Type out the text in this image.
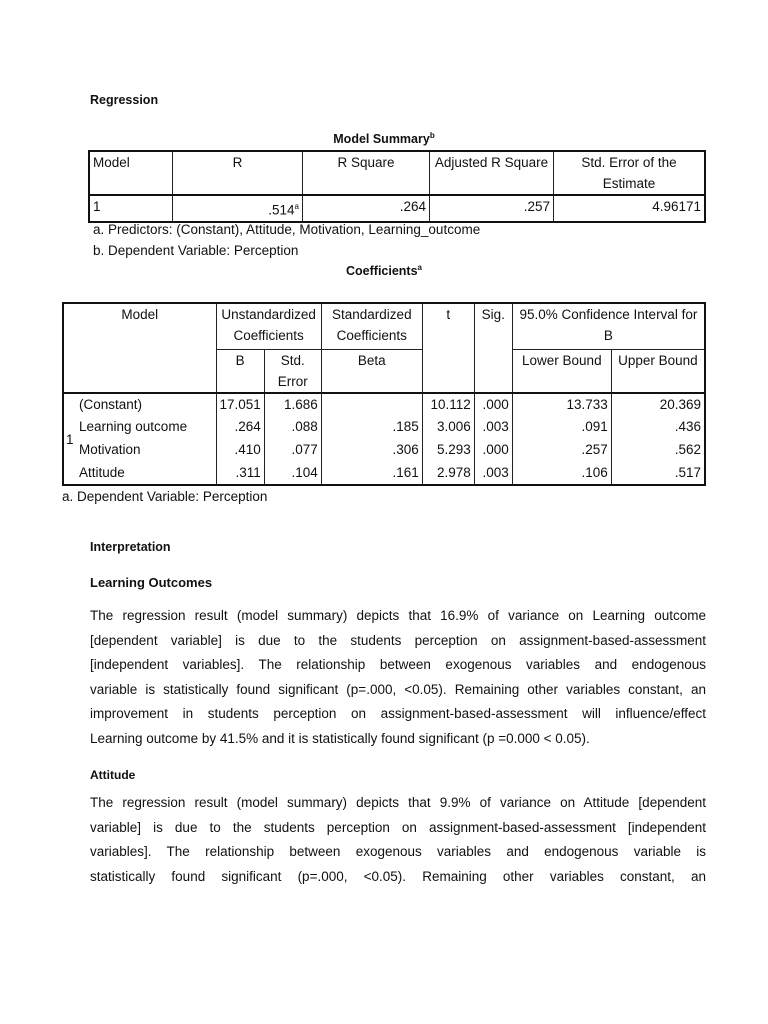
Regression
Model Summary$^b$
Model	R	R Square	Adjusted R Square	Std. Error of the Estimate
1	.514$^a$	.264	.257	4.96171
a. Predictors: (Constant), Attitude, Motivation, Learning_outcome
b. Dependent Variable: Perception
Coefficients$^a$
Model		Unstandardized Coefficients		Standardized Coefficients	t	Sig.	95.0% Confidence Interval for B	
		B	Std. Error	Beta			Lower Bound	Upper Bound
1	(Constant)	17.051	1.686		10.112	.000	13.733	20.369
	Learning outcome	.264	.088	.185	3.006	.003	.091	.436
	Motivation	.410	.077	.306	5.293	.000	.257	.562
	Attitude	.311	.104	.161	2.978	.003	.106	.517
a. Dependent Variable: Perception
Interpretation
Learning Outcomes
The regression result (model summary) depicts that 16.9% of variance on Learning outcome
[dependent variable] is due to the students perception on assignment-based-assessment
[independent variables]. The relationship between exogenous variables and endogenous
variable is statistically found significant (p=.000, <0.05). Remaining other variables constant, an
improvement in students perception on assignment-based-assessment will influence/effect
Learning outcome by 41.5% and it is statistically found significant (p =0.000 < 0.05).
Attitude
The regression result (model summary) depicts that 9.9% of variance on Attitude [dependent
variable] is due to the students perception on assignment-based-assessment [independent
variables]. The relationship between exogenous variables and endogenous variable is
statistically found significant (p=.000, <0.05). Remaining other variables constant, an
